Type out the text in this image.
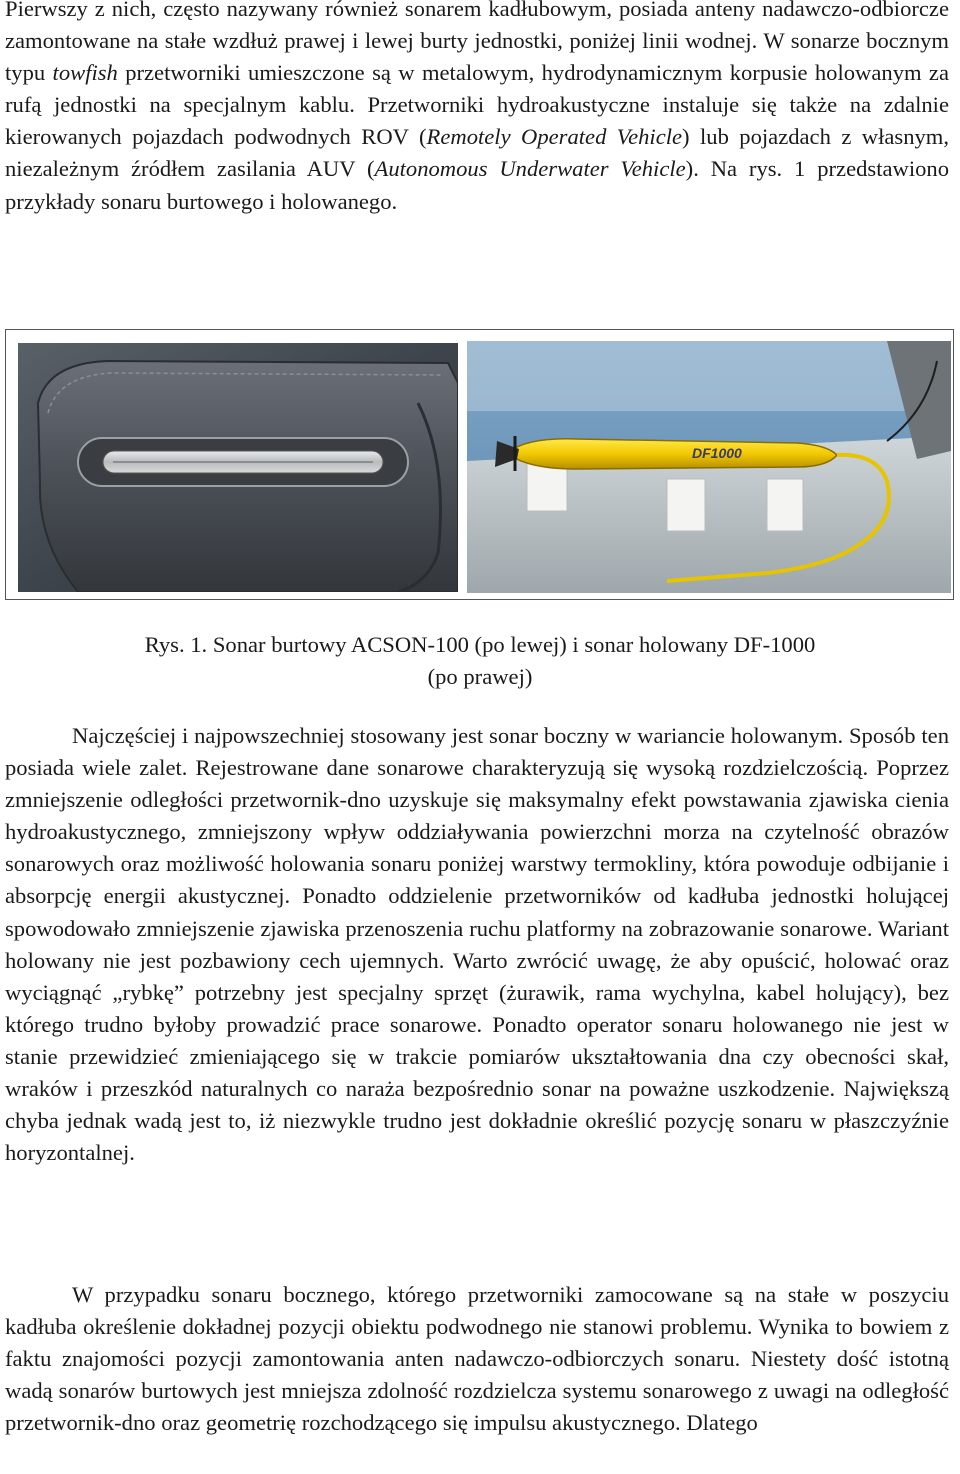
Pierwszy z nich, często nazywany również sonarem kadłubowym, posiada anteny nadawczo-odbiorcze zamontowane na stałe wzdłuż prawej i lewej burty jednostki, poniżej linii wodnej. W sonarze bocznym typu towfish przetworniki umieszczone są w metalowym, hydrodynamicznym korpusie holowanym za rufą jednostki na specjalnym kablu. Przetworniki hydroakustyczne instaluje się także na zdalnie kierowanych pojazdach podwodnych ROV (Remotely Operated Vehicle) lub pojazdach z własnym, niezależnym źródłem zasilania AUV (Autonomous Underwater Vehicle). Na rys. 1 przedstawiono przykłady sonaru burtowego i holowanego.

DF1000

Rys. 1. Sonar burtowy ACSON-100 (po lewej) i sonar holowany DF-1000

(po prawej)

Najczęściej i najpowszechniej stosowany jest sonar boczny w wariancie holowanym. Sposób ten posiada wiele zalet. Rejestrowane dane sonarowe charakteryzują się wysoką rozdzielczością. Poprzez zmniejszenie odległości przetwornik-dno uzyskuje się maksymalny efekt powstawania zjawiska cienia hydroakustycznego, zmniejszony wpływ oddziaływania powierzchni morza na czytelność obrazów sonarowych oraz możliwość holowania sonaru poniżej warstwy termokliny, która powoduje odbijanie i absorpcję energii akustycznej. Ponadto oddzielenie przetworników od kadłuba jednostki holującej spowodowało zmniejszenie zjawiska przenoszenia ruchu platformy na zobrazowanie sonarowe. Wariant holowany nie jest pozbawiony cech ujemnych. Warto zwrócić uwagę, że aby opuścić, holować oraz wyciągnąć „rybkę” potrzebny jest specjalny sprzęt (żurawik, rama wychylna, kabel holujący), bez którego trudno byłoby prowadzić prace sonarowe. Ponadto operator sonaru holowanego nie jest w stanie przewidzieć zmieniającego się w trakcie pomiarów ukształtowania dna czy obecności skał, wraków i przeszkód naturalnych co naraża bezpośrednio sonar na poważne uszkodzenie. Największą chyba jednak wadą jest to, iż niezwykle trudno jest dokładnie określić pozycję sonaru w płaszczyźnie horyzontalnej.

W przypadku sonaru bocznego, którego przetworniki zamocowane są na stałe w poszyciu kadłuba określenie dokładnej pozycji obiektu podwodnego nie stanowi problemu. Wynika to bowiem z faktu znajomości pozycji zamontowania anten nadawczo-odbiorczych sonaru. Niestety dość istotną wadą sonarów burtowych jest mniejsza zdolność rozdzielcza systemu sonarowego z uwagi na odległość przetwornik-dno oraz geometrię rozchodzącego się impulsu akustycznego. Dlatego
